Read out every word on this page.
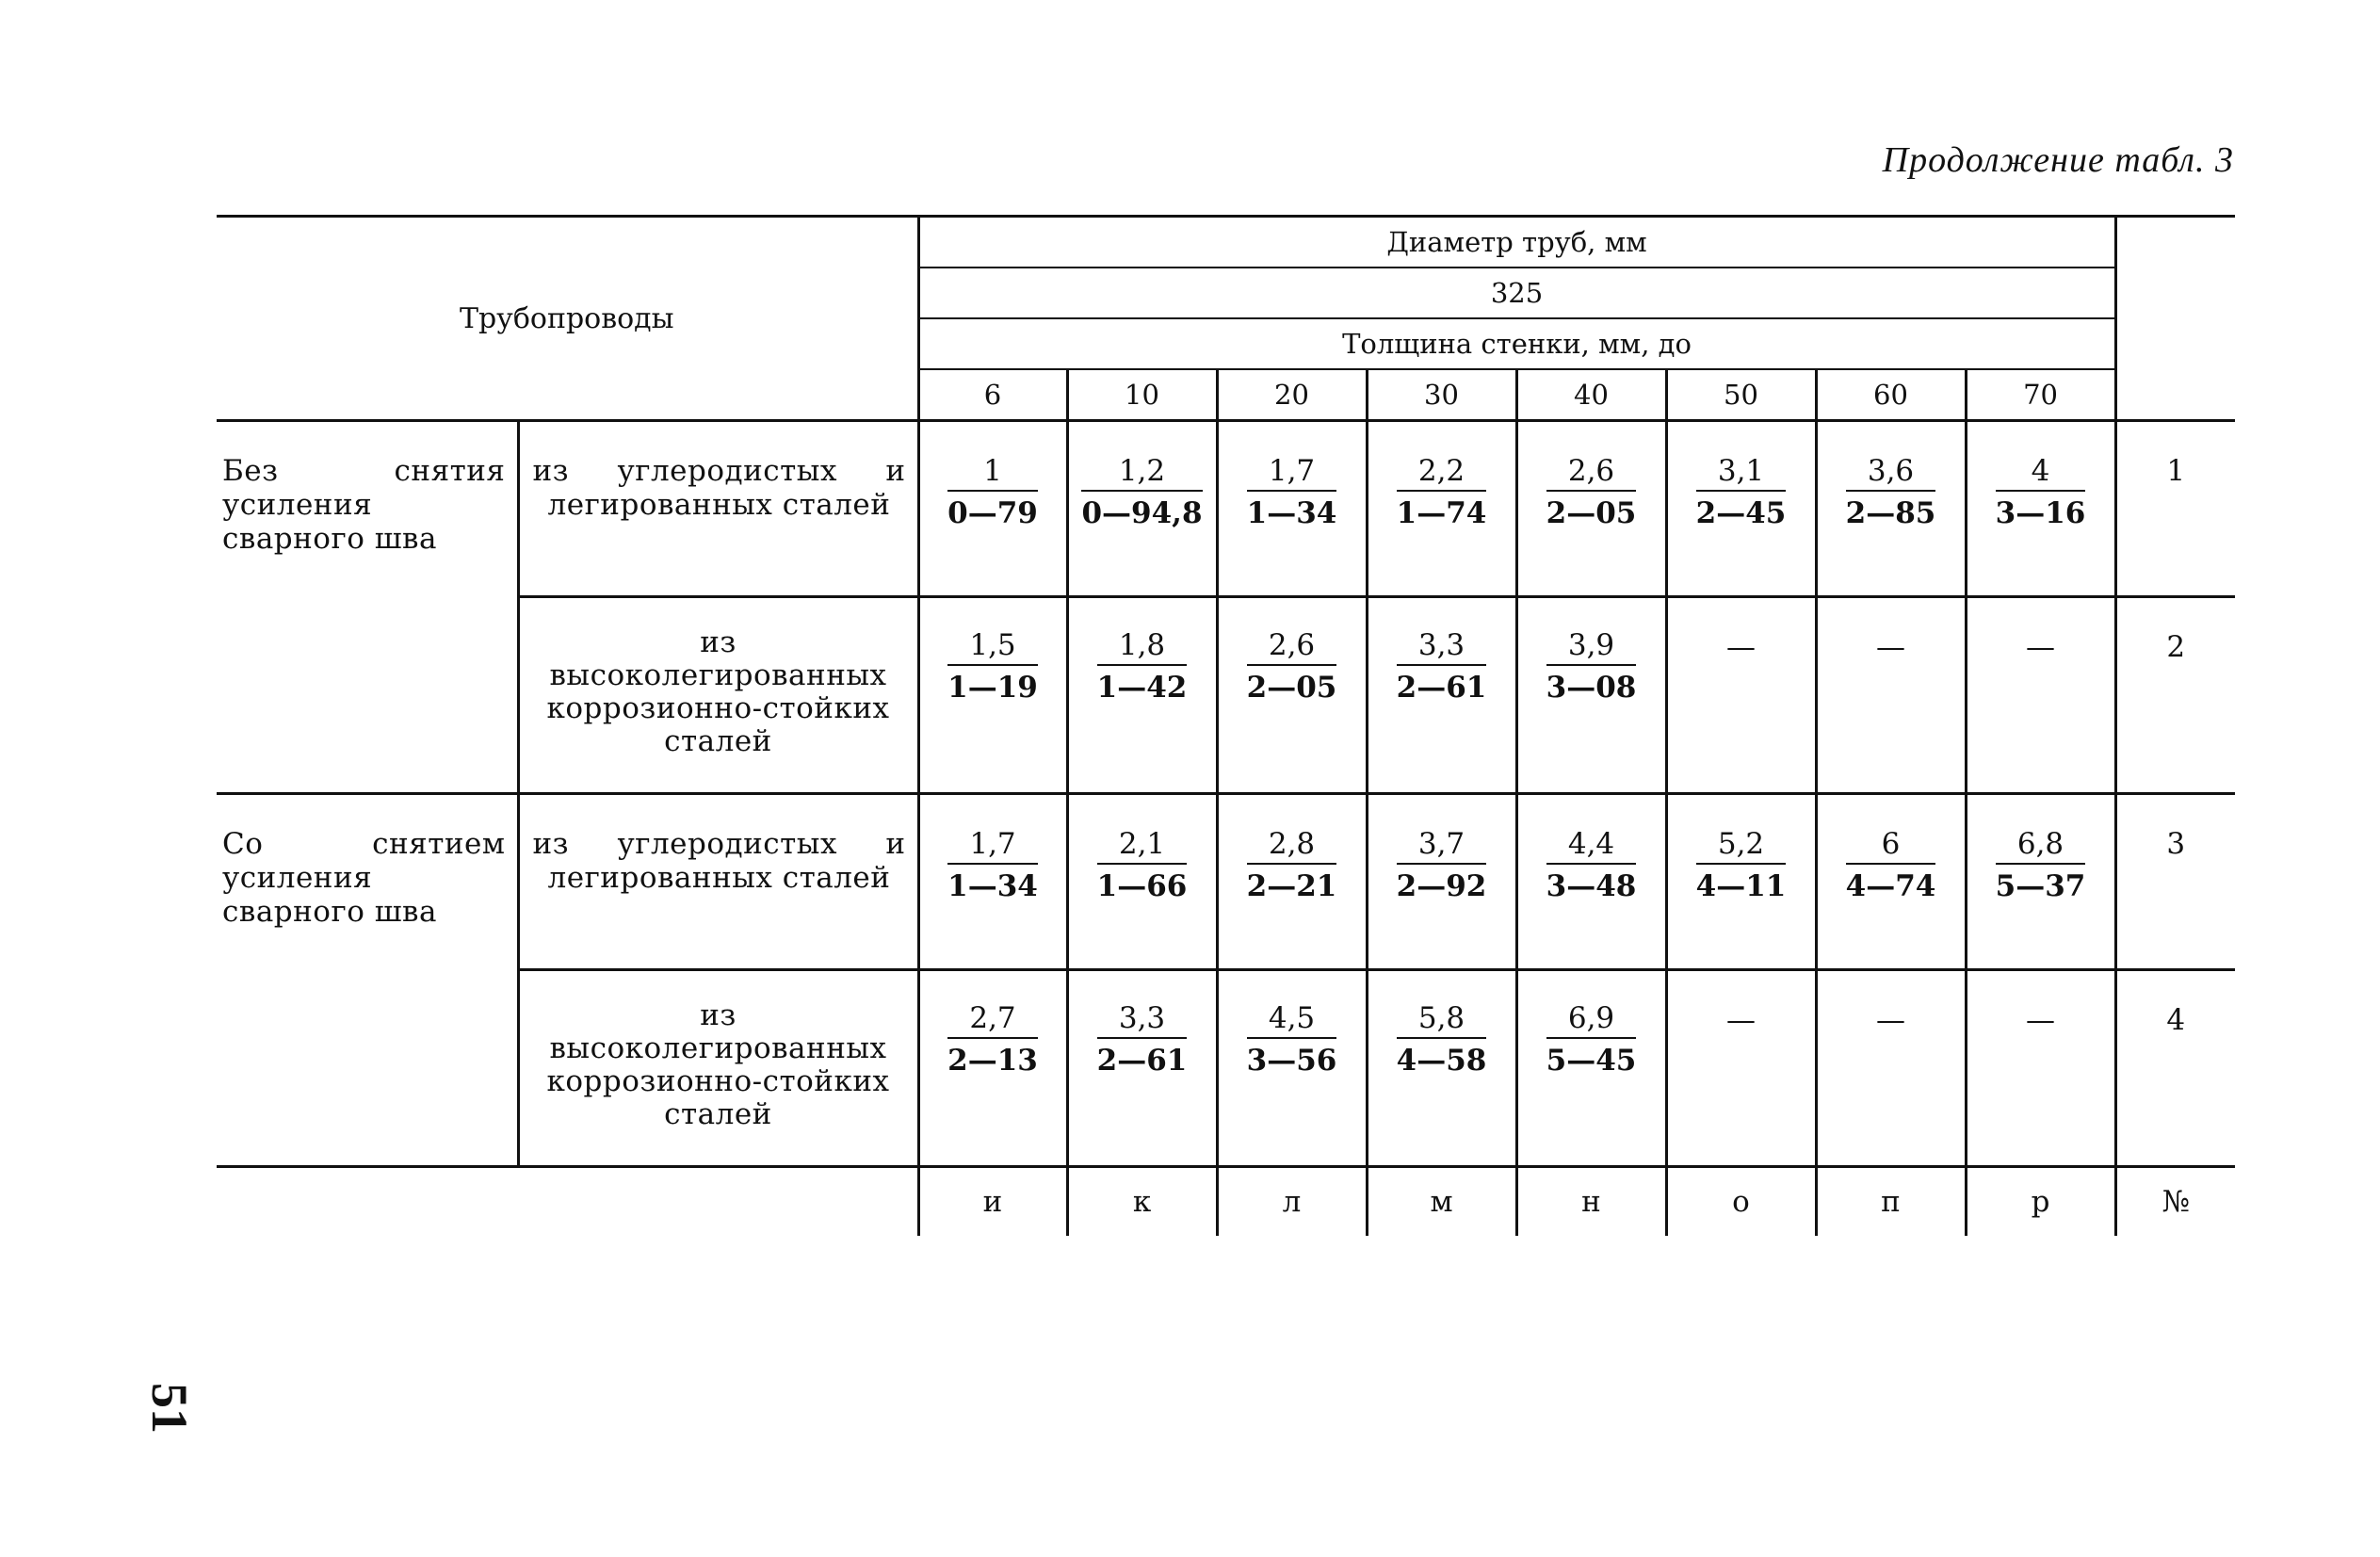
Продолжение табл. 3
Трубопроводы		Диаметр труб, мм								
		325								
		Толщина стенки, мм, до								
		6	10	20	30	40	50	60	70	
Без снятия усиления сварного шва	из углеродистых и легированных сталей	$\frac{1}{0—79}$	$\frac{1,2}{0—94,8}$	$\frac{1,7}{1—34}$	$\frac{2,2}{1—74}$	$\frac{2,6}{2—05}$	$\frac{3,1}{2—45}$	$\frac{3,6}{2—85}$	$\frac{4}{3—16}$	1
	из высоколегированных коррозионно-стойких сталей	$\frac{1,5}{1—19}$	$\frac{1,8}{1—42}$	$\frac{2,6}{2—05}$	$\frac{3,3}{2—61}$	$\frac{3,9}{3—08}$	—	—	—	2
Со снятием усиления сварного шва	из углеродистых и легированных сталей	$\frac{1,7}{1—34}$	$\frac{2,1}{1—66}$	$\frac{2,8}{2—21}$	$\frac{3,7}{2—92}$	$\frac{4,4}{3—48}$	$\frac{5,2}{4—11}$	$\frac{6}{4—74}$	$\frac{6,8}{5—37}$	3
	из высоколегированных коррозионно-стойких сталей	$\frac{2,7}{2—13}$	$\frac{3,3}{2—61}$	$\frac{4,5}{3—56}$	$\frac{5,8}{4—58}$	$\frac{6,9}{5—45}$	—	—	—	4
		и	к	л	м	н	о	п	р	№
51
